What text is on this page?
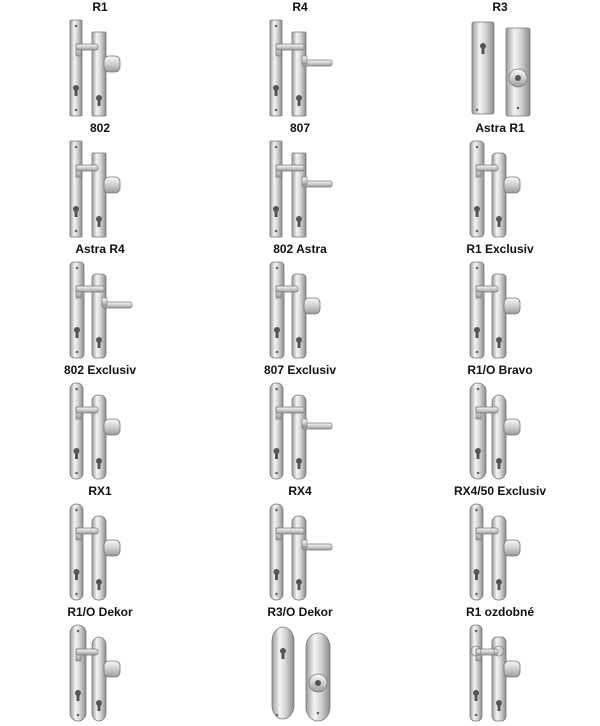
R1	R4	R3
802	807	Astra R1
Astra R4	802 Astra	R1 Exclusiv
802 Exclusiv	807 Exclusiv	R1/O Bravo
RX1	RX4	RX4/50 Exclusiv
R1/O Dekor	R3/O Dekor	R1 ozdobné
